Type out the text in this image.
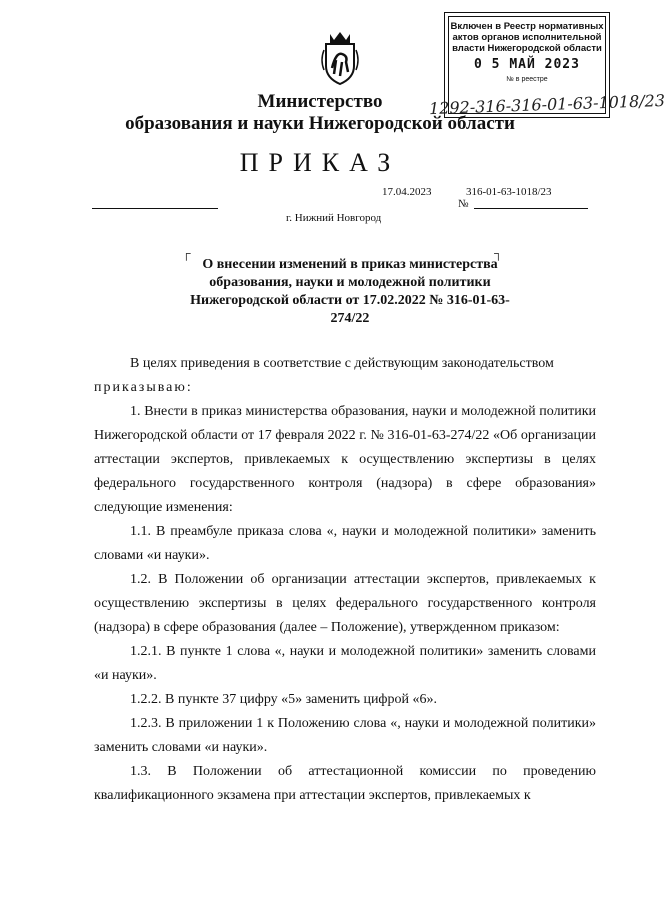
Включен в Реестр нормативных актов органов исполнительной власти Нижегородской области
0 5 МАЙ 2023
№ в реестре
1292-316-316-01-63-1018/23
Министерство
образования и науки Нижегородской области
ПРИКАЗ
17.04.2023	316-01-63-1018/23
№
г. Нижний Новгород
┌	┐
О внесении изменений в приказ министерства образования, науки и молодежной политики Нижегородской области от 17.02.2022 № 316-01-63-274/22

В целях приведения в соответствие с действующим законодательством

приказываю:

1. Внести в приказ министерства образования, науки и молодежной политики Нижегородской области от 17 февраля 2022 г. № 316-01-63-274/22 «Об организации аттестации экспертов, привлекаемых к осуществлению экспертизы в целях федерального государственного контроля (надзора) в сфере образования» следующие изменения:

1.1. В преамбуле приказа слова «, науки и молодежной политики» заменить словами «и науки».

1.2. В Положении об организации аттестации экспертов, привлекаемых к осуществлению экспертизы в целях федерального государственного контроля (надзора) в сфере образования (далее – Положение), утвержденном приказом:

1.2.1. В пункте 1 слова «, науки и молодежной политики» заменить словами «и науки».

1.2.2. В пункте 37 цифру «5» заменить цифрой «6».

1.2.3. В приложении 1 к Положению слова «, науки и молодежной политики» заменить словами «и науки».

1.3. В Положении об аттестационной комиссии по проведению квалификационного экзамена при аттестации экспертов, привлекаемых к
